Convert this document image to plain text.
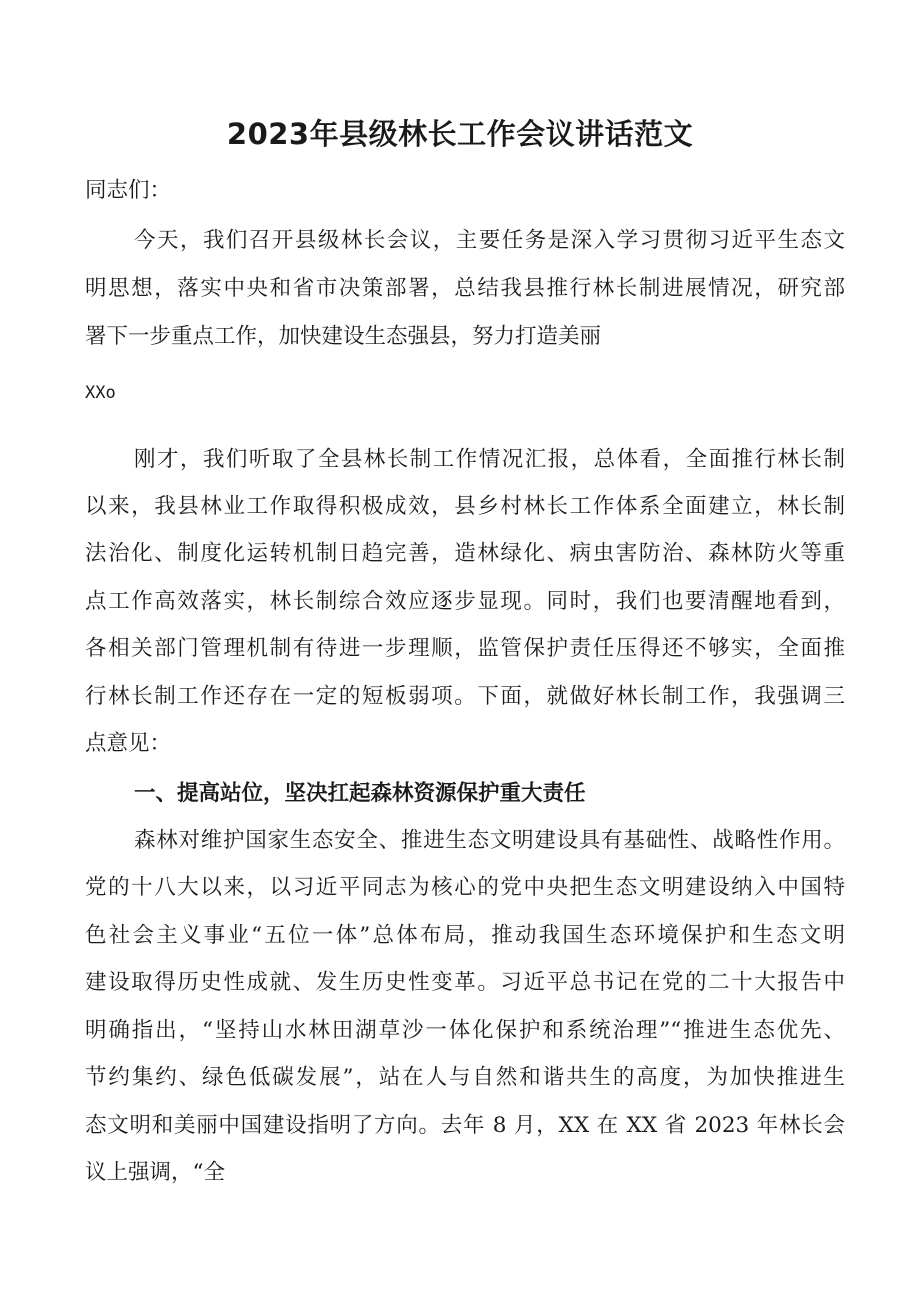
2023年县级林长工作会议讲话范文
同志们：
今天，我们召开县级林长会议，主要任务是深入学习贯彻习近平生态文
明思想，落实中央和省市决策部署，总结我县推行林长制进展情况，研究部
署下一步重点工作，加快建设生态强县，努力打造美丽
XXo
刚才，我们听取了全县林长制工作情况汇报，总体看，全面推行林长制
以来，我县林业工作取得积极成效，县乡村林长工作体系全面建立，林长制
法治化、制度化运转机制日趋完善，造林绿化、病虫害防治、森林防火等重
点工作高效落实，林长制综合效应逐步显现。同时，我们也要清醒地看到，
各相关部门管理机制有待进一步理顺，监管保护责任压得还不够实，全面推
行林长制工作还存在一定的短板弱项。下面，就做好林长制工作，我强调三
点意见：
一、提高站位，坚决扛起森林资源保护重大责任
森林对维护国家生态安全、推进生态文明建设具有基础性、战略性作用。
党的十八大以来，以习近平同志为核心的党中央把生态文明建设纳入中国特
色社会主义事业“五位一体”总体布局，推动我国生态环境保护和生态文明
建设取得历史性成就、发生历史性变革。习近平总书记在党的二十大报告中
明确指出，“坚持山水林田湖草沙一体化保护和系统治理”“推进生态优先、
节约集约、绿色低碳发展”，站在人与自然和谐共生的高度，为加快推进生
态文明和美丽中国建设指明了方向。去年 8 月，XX 在 XX 省 2023 年林长会
议上强调，“全
